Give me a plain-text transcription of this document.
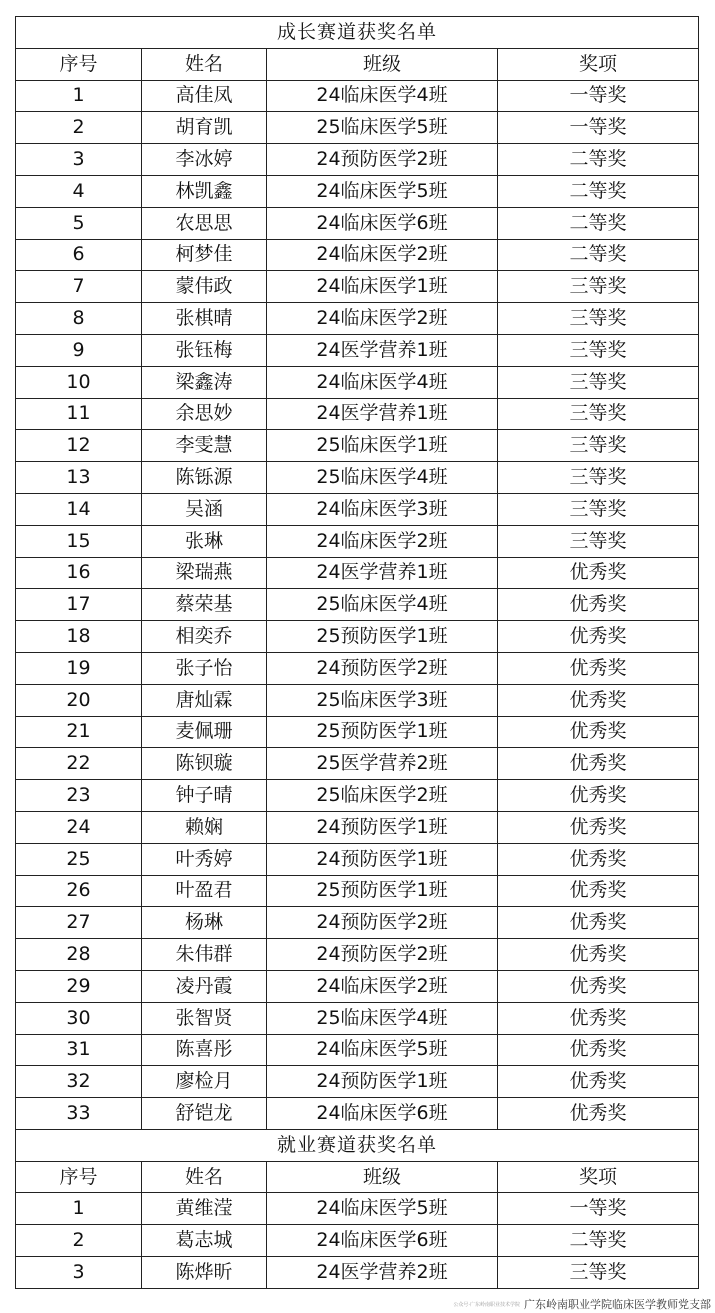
成长赛道获奖名单			
序号	姓名	班级	奖项
1	高佳凤	24临床医学4班	一等奖
2	胡育凯	25临床医学5班	一等奖
3	李冰婷	24预防医学2班	二等奖
4	林凯鑫	24临床医学5班	二等奖
5	农思思	24临床医学6班	二等奖
6	柯梦佳	24临床医学2班	二等奖
7	蒙伟政	24临床医学1班	三等奖
8	张棋晴	24临床医学2班	三等奖
9	张钰梅	24医学营养1班	三等奖
10	梁鑫涛	24临床医学4班	三等奖
11	余思妙	24医学营养1班	三等奖
12	李雯慧	25临床医学1班	三等奖
13	陈铄源	25临床医学4班	三等奖
14	吴涵	24临床医学3班	三等奖
15	张琳	24临床医学2班	三等奖
16	梁瑞燕	24医学营养1班	优秀奖
17	蔡荣基	25临床医学4班	优秀奖
18	相奕乔	25预防医学1班	优秀奖
19	张子怡	24预防医学2班	优秀奖
20	唐灿霖	25临床医学3班	优秀奖
21	麦佩珊	25预防医学1班	优秀奖
22	陈钡璇	25医学营养2班	优秀奖
23	钟子晴	25临床医学2班	优秀奖
24	赖娴	24预防医学1班	优秀奖
25	叶秀婷	24预防医学1班	优秀奖
26	叶盈君	25预防医学1班	优秀奖
27	杨琳	24预防医学2班	优秀奖
28	朱伟群	24预防医学2班	优秀奖
29	凌丹霞	24临床医学2班	优秀奖
30	张智贤	25临床医学4班	优秀奖
31	陈喜彤	24临床医学5班	优秀奖
32	廖检月	24预防医学1班	优秀奖
33	舒铠龙	24临床医学6班	优秀奖
就业赛道获奖名单			
序号	姓名	班级	奖项
1	黄维滢	24临床医学5班	一等奖
2	葛志城	24临床医学6班	二等奖
3	陈烨昕	24医学营养2班	三等奖
公众号·广东岭南职业技术学院 广东岭南职业学院临床医学教师党支部
